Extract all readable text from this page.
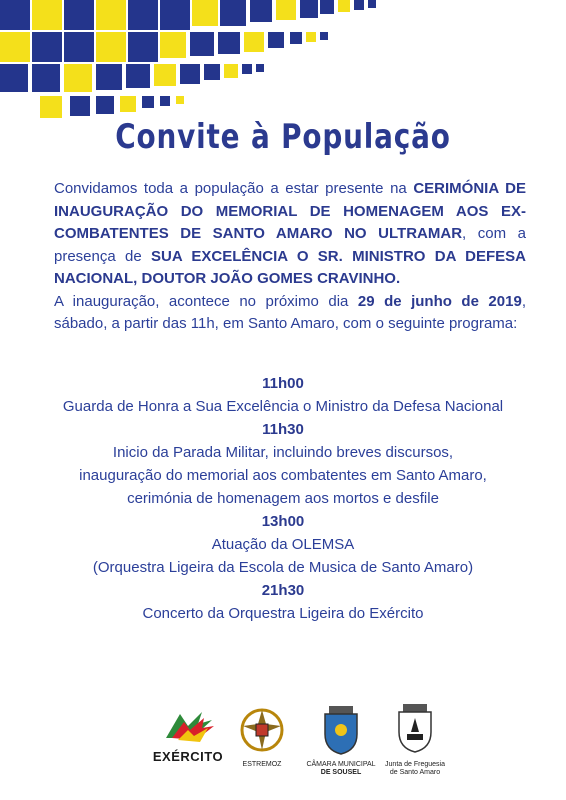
Convite à População

Convidamos toda a população a estar presente na CERIMÓNIA DE INAUGURAÇÃO DO MEMORIAL DE HOMENAGEM AOS EX-COMBATENTES DE SANTO AMARO NO ULTRAMAR, com a presença de SUA EXCELÊNCIA O SR. MINISTRO DA DEFESA NACIONAL, DOUTOR JOÃO GOMES CRAVINHO.

A inauguração, acontece no próximo dia 29 de junho de 2019, sábado, a partir das 11h, em Santo Amaro, com o seguinte programa:

11h00
Guarda de Honra a Sua Excelência o Ministro da Defesa Nacional
11h30
Inicio da Parada Militar, incluindo breves discursos,
inauguração do memorial aos combatentes em Santo Amaro,
cerimónia de homenagem aos mortos e desfile
13h00
Atuação da OLEMSA
(Orquestra Ligeira da Escola de Musica de Santo Amaro)
21h30
Concerto da Orquestra Ligeira do Exército
EXÉRCITO
ESTREMOZ	CÂMARA MUNICIPAL
DE SOUSEL
Junta de Freguesia
de Santo Amaro
